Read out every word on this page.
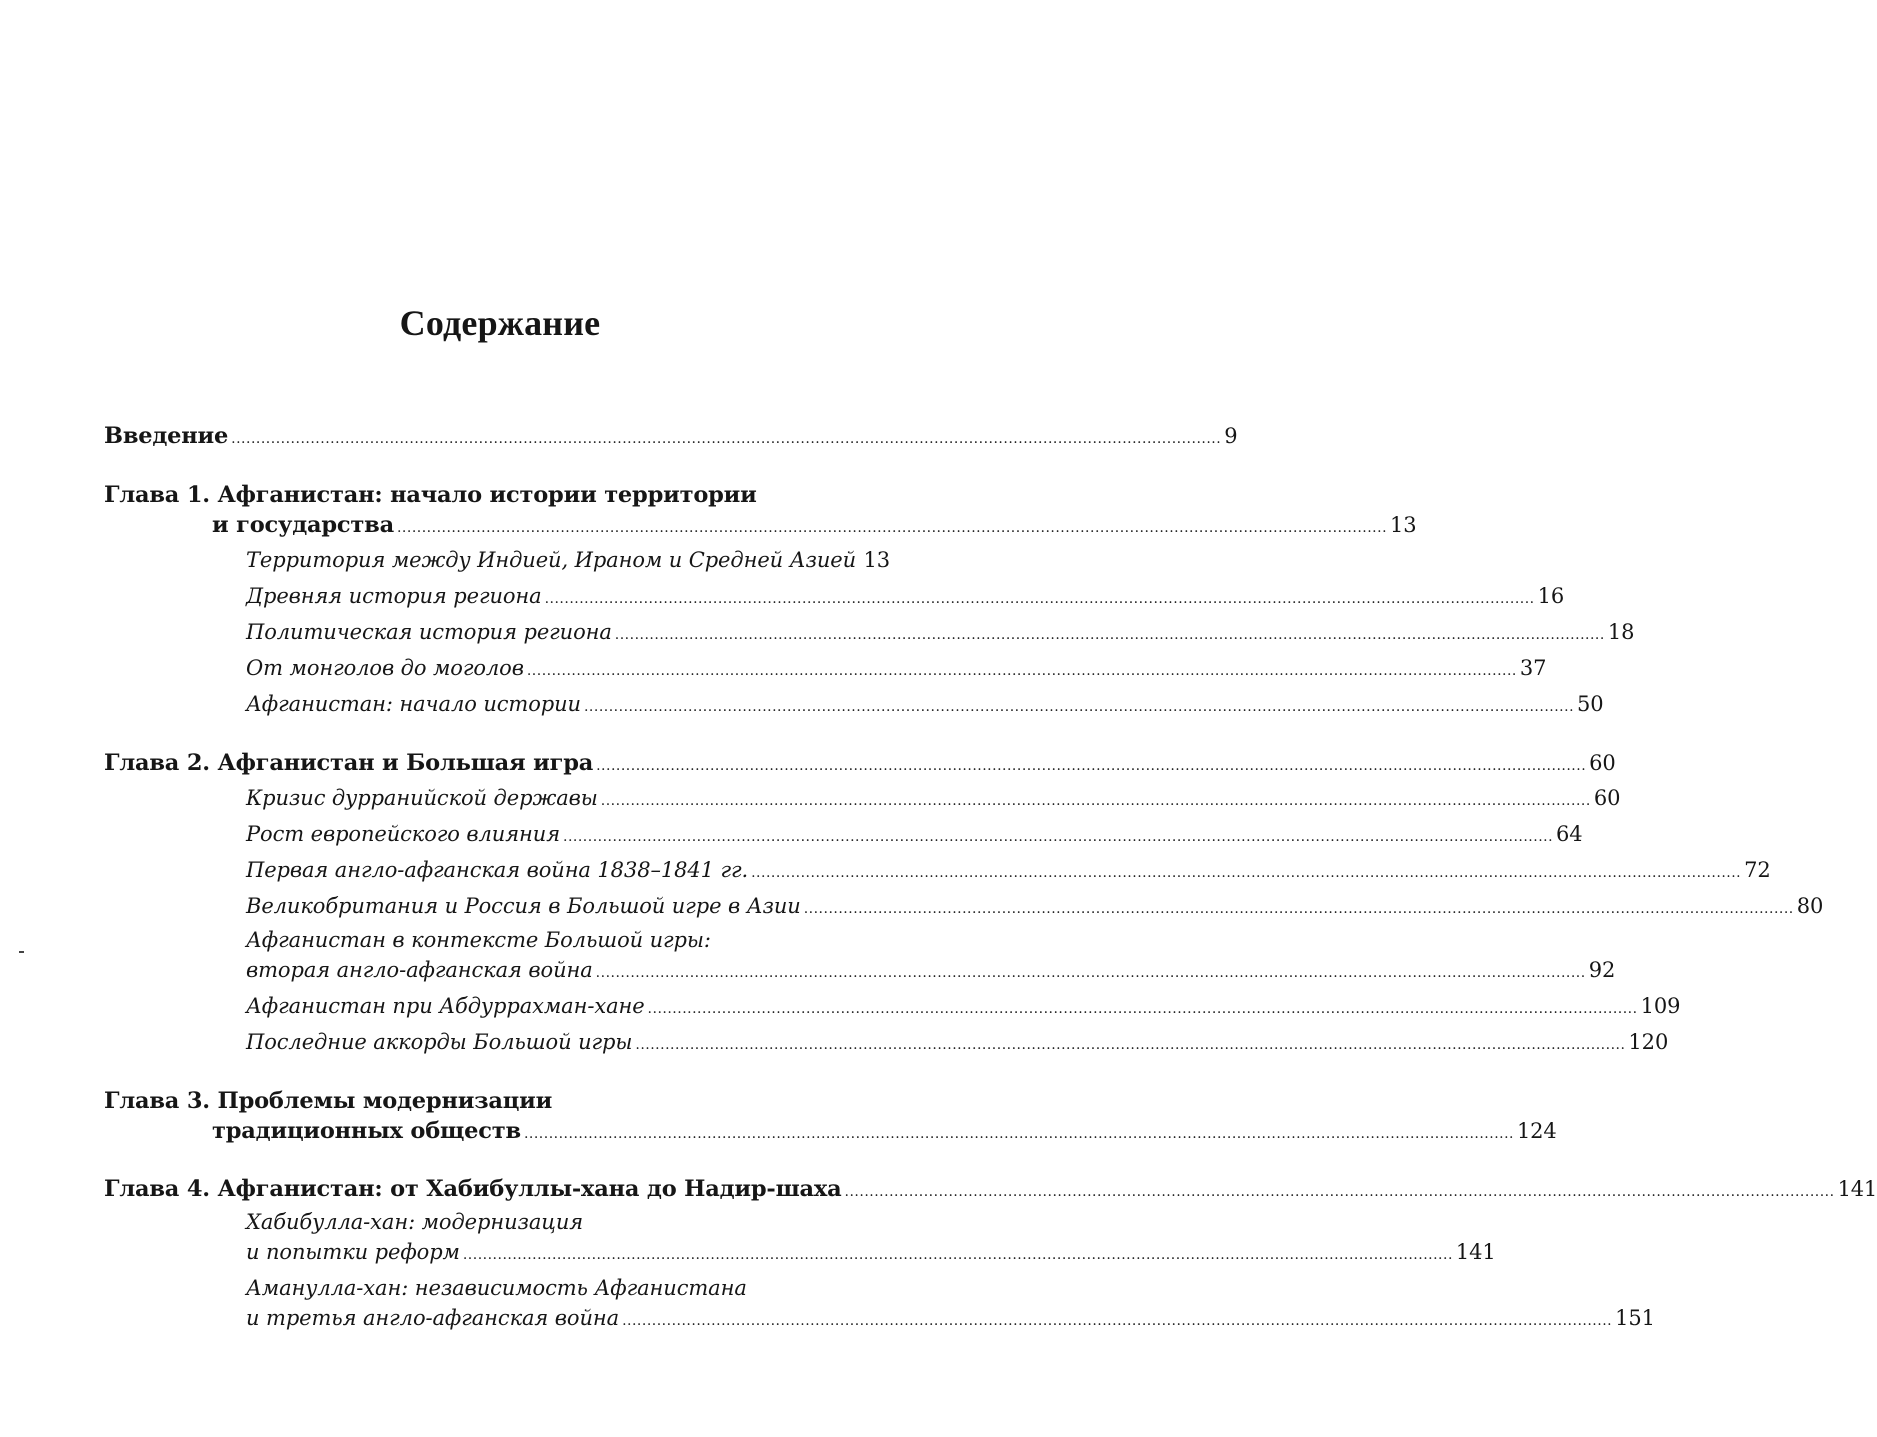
Содержание
Введение ........................................................................................................................................................................................................ 9
Глава 1. Афганистан: начало истории территории
и государства ........................................................................................................................................................................................................ 13
Территория между Индией, Ираном и Средней Азией 13
Древняя история региона ........................................................................................................................................................................................................ 16
Политическая история региона ........................................................................................................................................................................................................ 18
От монголов до моголов ........................................................................................................................................................................................................ 37
Афганистан: начало истории ........................................................................................................................................................................................................ 50
Глава 2. Афганистан и Большая игра ........................................................................................................................................................................................................ 60
Кризис дурранийской державы ........................................................................................................................................................................................................ 60
Рост европейского влияния ........................................................................................................................................................................................................ 64
Первая англо-афганская война 1838–1841 гг. ........................................................................................................................................................................................................ 72
Великобритания и Россия в Большой игре в Азии ........................................................................................................................................................................................................ 80
Афганистан в контексте Большой игры:
вторая англо-афганская война ........................................................................................................................................................................................................ 92
Афганистан при Абдуррахман-хане ........................................................................................................................................................................................................ 109
Последние аккорды Большой игры ........................................................................................................................................................................................................ 120
Глава 3. Проблемы модернизации
традиционных обществ ........................................................................................................................................................................................................ 124
Глава 4. Афганистан: от Хабибуллы-хана до Надир-шаха ........................................................................................................................................................................................................ 141
Хабибулла-хан: модернизация
и попытки реформ ........................................................................................................................................................................................................ 141
Аманулла-хан: независимость Афганистана
и третья англо-афганская война ........................................................................................................................................................................................................ 151
